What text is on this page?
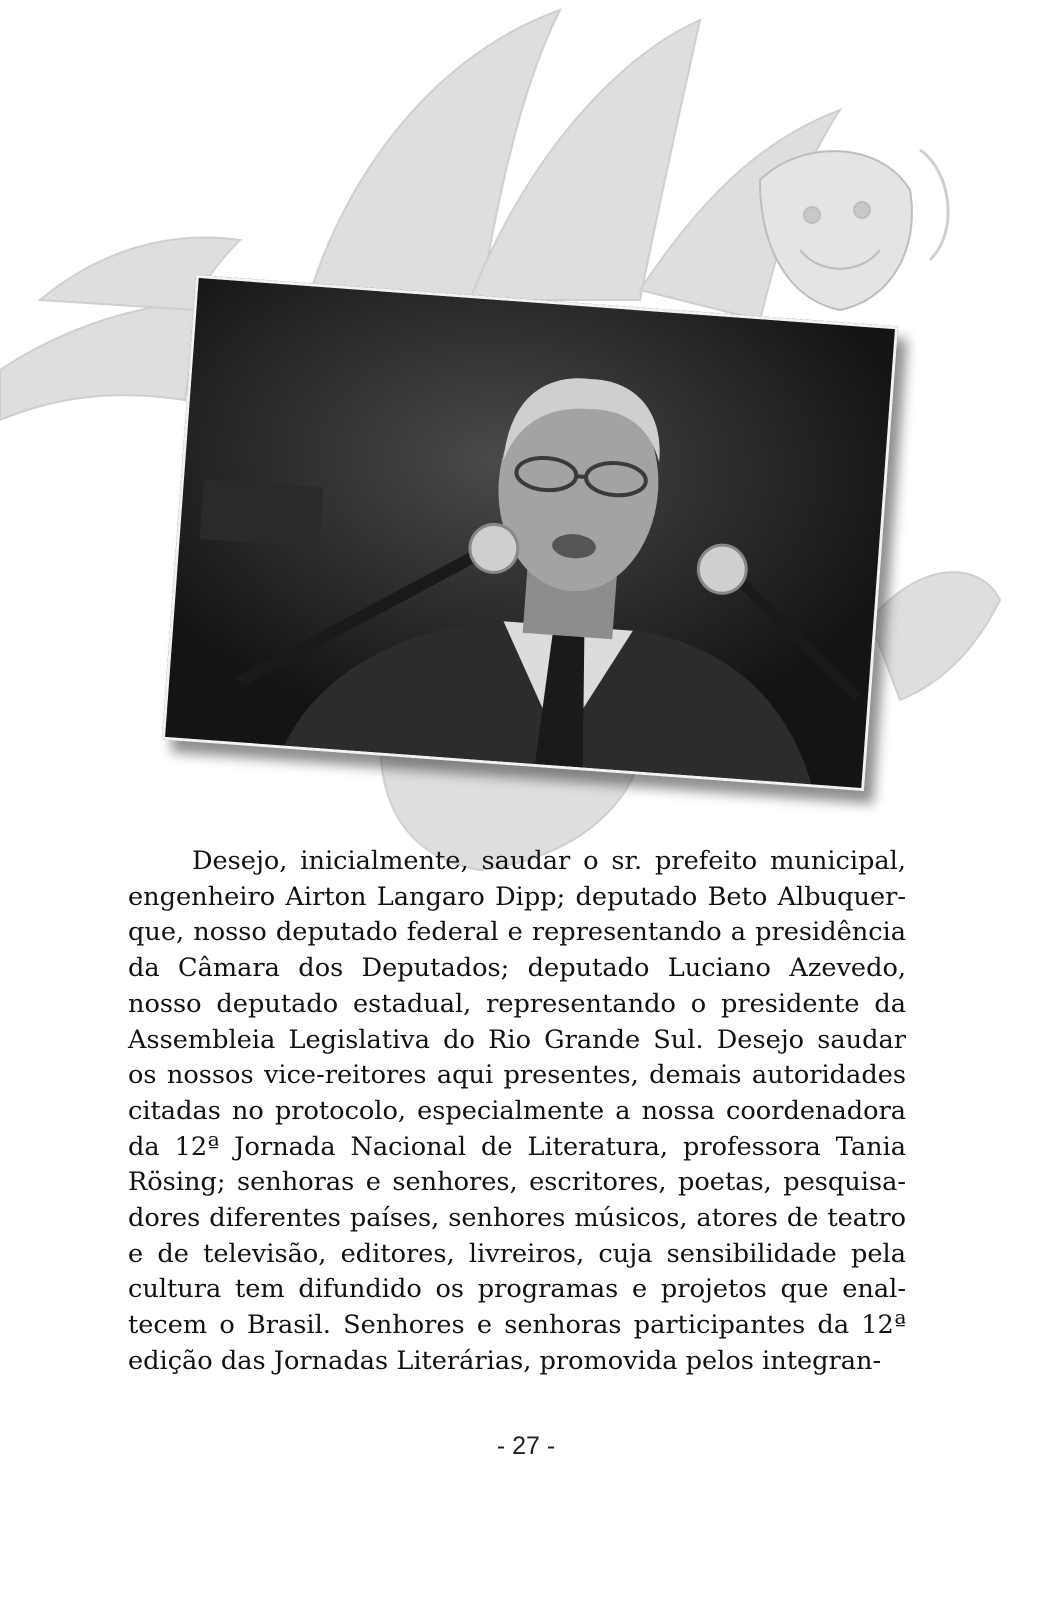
Desejo, inicialmente, saudar o sr. prefeito municipal, engenheiro Airton Langaro Dipp; deputado Beto Albuquer-que, nosso deputado federal e representando a presidência da Câmara dos Deputados; deputado Luciano Azevedo, nosso deputado estadual, representando o presidente da Assembleia Legislativa do Rio Grande Sul. Desejo saudar os nossos vice-reitores aqui presentes, demais autoridades citadas no protocolo, especialmente a nossa coordenadora da 12ª Jornada Nacional de Literatura, professora Tania Rösing; senhoras e senhores, escritores, poetas, pesquisa-dores diferentes países, senhores músicos, atores de teatro e de televisão, editores, livreiros, cuja sensibilidade pela cultura tem difundido os programas e projetos que enal-tecem o Brasil. Senhores e senhoras participantes da 12ª edição das Jornadas Literárias, promovida pelos integran-

- 27 -
